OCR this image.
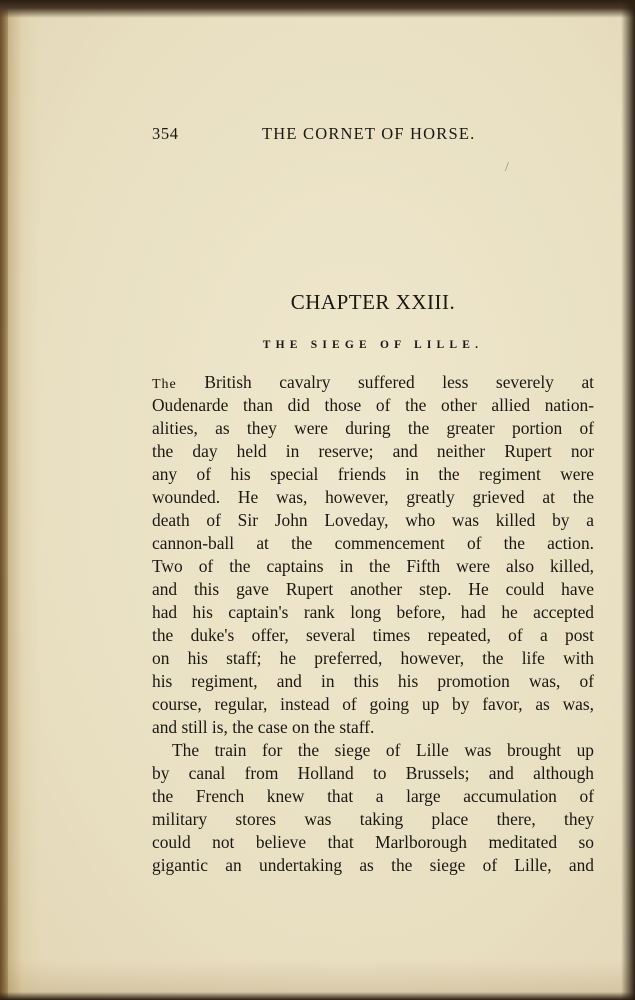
/
354	THE CORNET OF HORSE.
CHAPTER XXIII.
THE SIEGE OF LILLE.
The British cavalry suffered less severely at
Oudenarde than did those of the other allied nation-
alities, as they were during the greater portion of
the day held in reserve; and neither Rupert nor
any of his special friends in the regiment were
wounded. He was, however, greatly grieved at the
death of Sir John Loveday, who was killed by a
cannon-ball at the commencement of the action.
Two of the captains in the Fifth were also killed,
and this gave Rupert another step. He could have
had his captain's rank long before, had he accepted
the duke's offer, several times repeated, of a post
on his staff; he preferred, however, the life with
his regiment, and in this his promotion was, of
course, regular, instead of going up by favor, as was,
and still is, the case on the staff.
The train for the siege of Lille was brought up
by canal from Holland to Brussels; and although
the French knew that a large accumulation of
military stores was taking place there, they
could not believe that Marlborough meditated so
gigantic an undertaking as the siege of Lille, and
